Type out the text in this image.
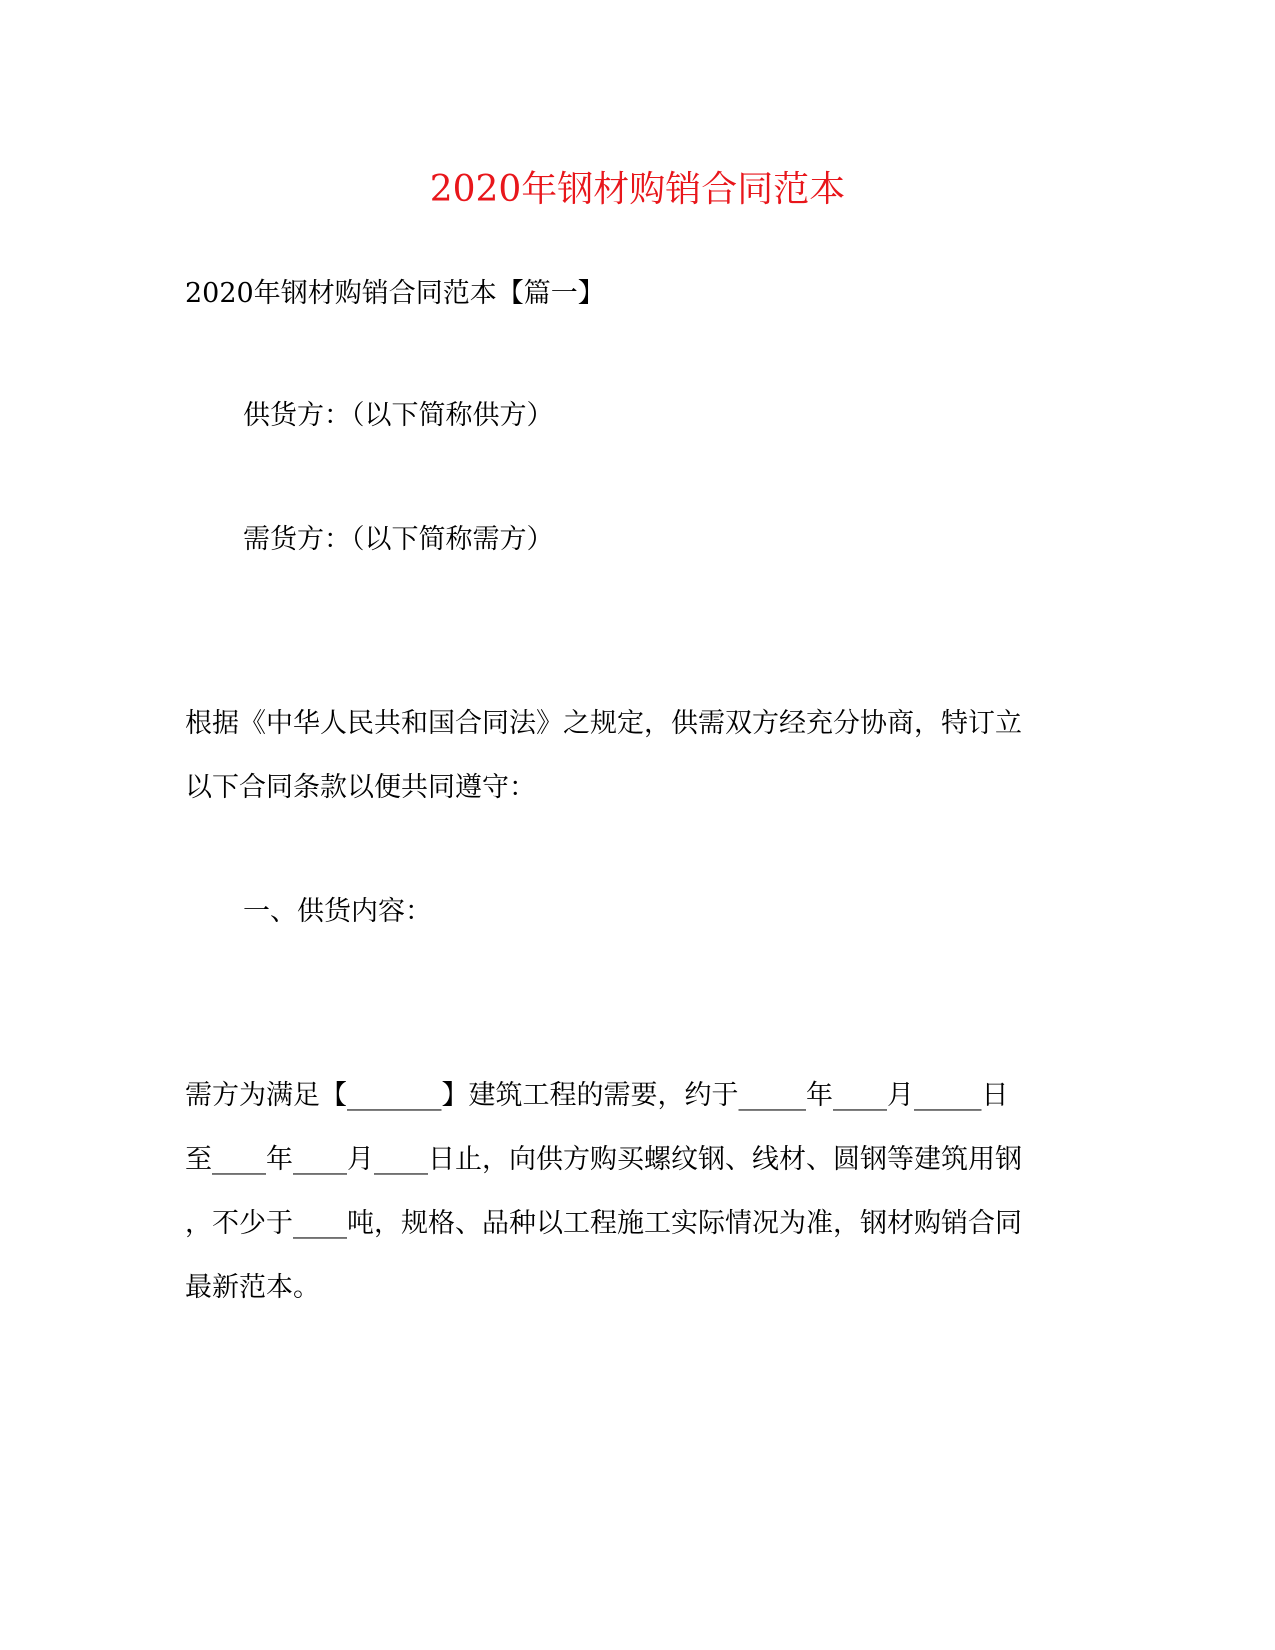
2020年钢材购销合同范本
2020年钢材购销合同范本【篇一】
供货方：（以下简称供方）
需货方：（以下简称需方）
根据《中华人民共和国合同法》之规定，供需双方经充分协商，特订立
以下合同条款以便共同遵守：
一、供货内容：
需方为满足【_______】建筑工程的需要，约于_____年____月_____日
至____年____月____日止，向供方购买螺纹钢、线材、圆钢等建筑用钢
，不少于____吨，规格、品种以工程施工实际情况为准，钢材购销合同
最新范本。
